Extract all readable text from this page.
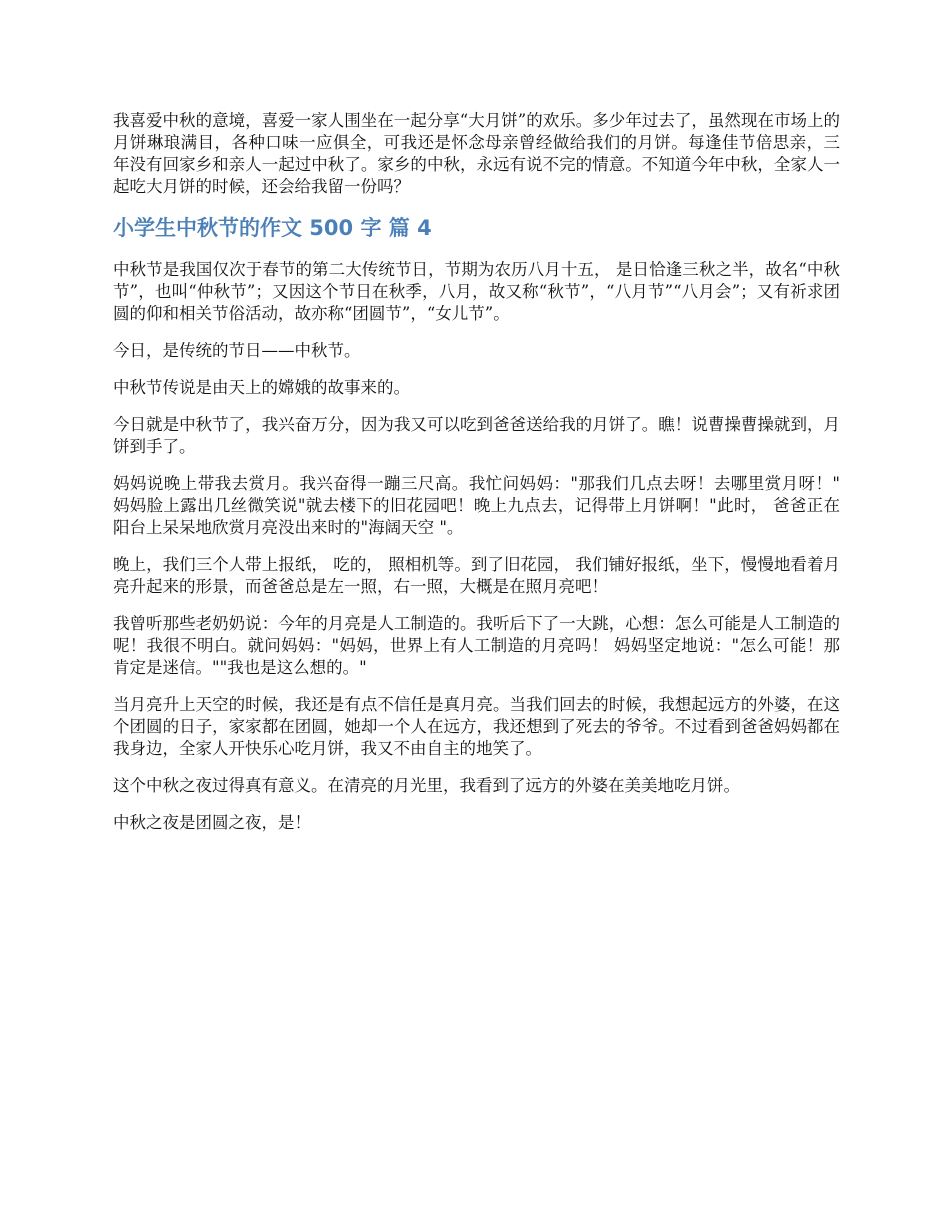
我喜爱中秋的意境，喜爱一家人围坐在一起分享“大月饼”的欢乐。多少年过去了，虽然现在市场上的月饼琳琅满目，各种口味一应俱全，可我还是怀念母亲曾经做给我们的月饼。每逢佳节倍思亲，三 年没有回家乡和亲人一起过中秋了。家乡的中秋，永远有说不完的情意。不知道今年中秋，全家人一起吃大月饼的时候，还会给我留一份吗？

小学生中秋节的作文 500 字 篇 4

中秋节是我国仅次于春节的第二大传统节日，节期为农历八月十五， 是日恰逢三秋之半，故名“中秋节”，也叫“仲秋节”；又因这个节日在秋季，八月，故又称“秋节”，“八月节”“八月会”；又有祈求团圆的仰和相关节俗活动，故亦称“团圆节”，“女儿节”。

今日，是传统的节日——中秋节。

中秋节传说是由天上的嫦娥的故事来的。

今日就是中秋节了，我兴奋万分，因为我又可以吃到爸爸送给我的月饼了。瞧！说曹操曹操就到，月饼到手了。

妈妈说晚上带我去赏月。我兴奋得一蹦三尺高。我忙问妈妈："那我们几点去呀！去哪里赏月呀！" 妈妈脸上露出几丝微笑说"就去楼下的旧花园吧！晚上九点去，记得带上月饼啊！"此时， 爸爸正在阳台上呆呆地欣赏月亮没出来时的"海阔天空 "。

晚上，我们三个人带上报纸， 吃的， 照相机等。到了旧花园， 我们铺好报纸，坐下，慢慢地看着月亮升起来的形景，而爸爸总是左一照，右一照，大概是在照月亮吧！

我曾听那些老奶奶说：今年的月亮是人工制造的。我听后下了一大跳，心想：怎么可能是人工制造的呢！我很不明白。就问妈妈："妈妈，世界上有人工制造的月亮吗！ 妈妈坚定地说："怎么可能！那肯定是迷信。""我也是这么想的。"

当月亮升上天空的时候，我还是有点不信任是真月亮。当我们回去的时候，我想起远方的外婆，在这个团圆的日子，家家都在团圆，她却一个人在远方，我还想到了死去的爷爷。不过看到爸爸妈妈都在我身边，全家人开快乐心吃月饼，我又不由自主的地笑了。

这个中秋之夜过得真有意义。在清亮的月光里，我看到了远方的外婆在美美地吃月饼。

中秋之夜是团圆之夜，是！
